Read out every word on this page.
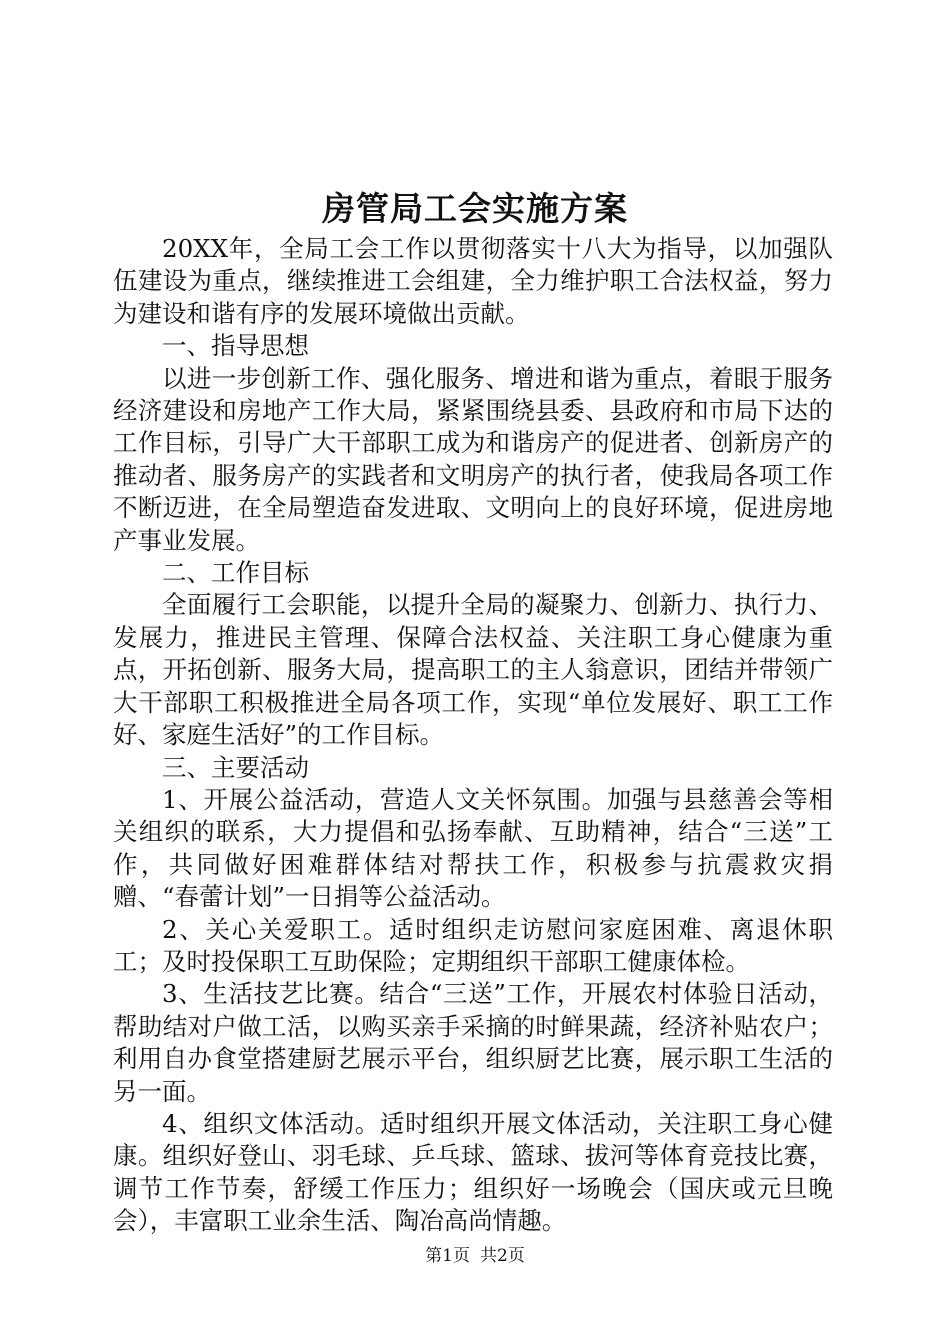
房管局工会实施方案

20XX年，全局工会工作以贯彻落实十八大为指导，以加强队伍建设为重点，继续推进工会组建，全力维护职工合法权益，努力为建设和谐有序的发展环境做出贡献。

一、指导思想

以进一步创新工作、强化服务、增进和谐为重点，着眼于服务经济建设和房地产工作大局，紧紧围绕县委、县政府和市局下达的工作目标，引导广大干部职工成为和谐房产的促进者、创新房产的推动者、服务房产的实践者和文明房产的执行者，使我局各项工作不断迈进，在全局塑造奋发进取、文明向上的良好环境，促进房地产事业发展。

二、工作目标

全面履行工会职能，以提升全局的凝聚力、创新力、执行力、发展力，推进民主管理、保障合法权益、关注职工身心健康为重点，开拓创新、服务大局，提高职工的主人翁意识，团结并带领广大干部职工积极推进全局各项工作，实现“单位发展好、职工工作好、家庭生活好”的工作目标。

三、主要活动

1、开展公益活动，营造人文关怀氛围。加强与县慈善会等相关组织的联系，大力提倡和弘扬奉献、互助精神，结合“三送”工作，共同做好困难群体结对帮扶工作，积极参与抗震救灾捐赠、“春蕾计划”一日捐等公益活动。

2、关心关爱职工。适时组织走访慰问家庭困难、离退休职工；及时投保职工互助保险；定期组织干部职工健康体检。

3、生活技艺比赛。结合“三送”工作，开展农村体验日活动，帮助结对户做工活，以购买亲手采摘的时鲜果蔬，经济补贴农户；利用自办食堂搭建厨艺展示平台，组织厨艺比赛，展示职工生活的另一面。

4、组织文体活动。适时组织开展文体活动，关注职工身心健康。组织好登山、羽毛球、乒乓球、篮球、拔河等体育竞技比赛，调节工作节奏，舒缓工作压力；组织好一场晚会（国庆或元旦晚会），丰富职工业余生活、陶冶高尚情趣。

第1页 共2页
